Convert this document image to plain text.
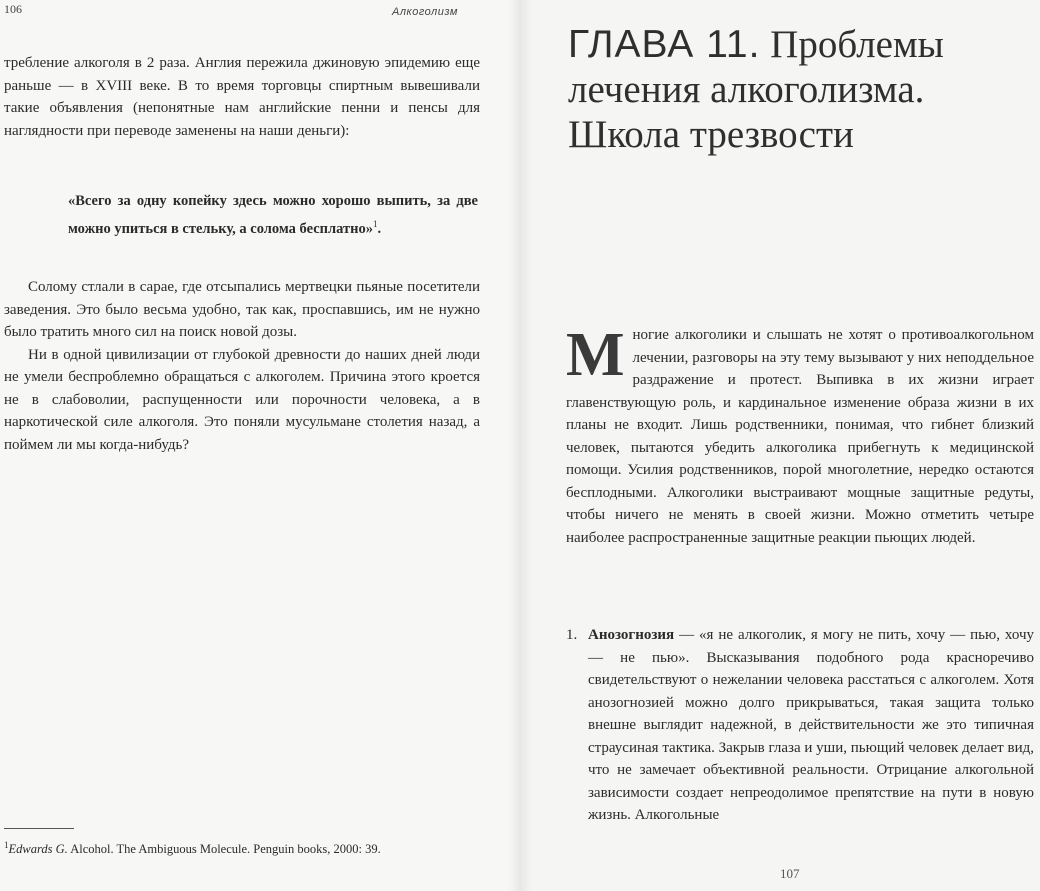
106	Алкоголизм

требление алкоголя в 2 раза. Англия пережила джиновую эпидемию еще раньше — в XVIII веке. В то время торговцы спиртным вывешивали такие объявления (непонятные нам английские пенни и пенсы для наглядности при переводе заменены на наши деньги):

«Всего за одну копейку здесь можно хорошо выпить, за две можно упиться в стельку, а солома бесплатно»$^1$.

Солому стлали в сарае, где отсыпались мертвецки пьяные посетители заведения. Это было весьма удобно, так как, проспавшись, им не нужно было тратить много сил на поиск новой дозы.

Ни в одной цивилизации от глубокой древности до наших дней люди не умели беспроблемно обращаться с алкоголем. Причина этого кроется не в слабоволии, распущенности или порочности человека, а в наркотической силе алкоголя. Это поняли мусульмане столетия назад, а поймем ли мы когда-нибудь?

$^1$Edwards G. Alcohol. The Ambiguous Molecule. Penguin books, 2000: 39.
ГЛАВА 11. Проблемы
лечения алкоголизма.
Школа трезвости
Многие алкоголики и слышать не хотят о противоалкогольном лечении, разговоры на эту тему вызывают у них неподдельное раздражение и протест. Выпивка в их жизни играет главенствующую роль, и кардинальное изменение образа жизни в их планы не входит. Лишь родственники, понимая, что гибнет близкий человек, пытаются убедить алкоголика прибегнуть к медицинской помощи. Усилия родственников, порой многолетние, нередко остаются бесплодными. Алкоголики выстраивают мощные защитные редуты, чтобы ничего не менять в своей жизни. Можно отметить четыре наиболее распространенные защитные реакции пьющих людей.
1. Анозогнозия — «я не алкоголик, я могу не пить, хочу — пью, хочу — не пью». Высказывания подобного рода красноречиво свидетельствуют о нежелании человека расстаться с алкоголем. Хотя анозогнозией можно долго прикрываться, такая защита только внешне выглядит надежной, в действительности же это типичная страусиная тактика. Закрыв глаза и уши, пьющий человек делает вид, что не замечает объективной реальности. Отрицание алкогольной зависимости создает непреодолимое препятствие на пути в новую жизнь. Алкогольные
107
